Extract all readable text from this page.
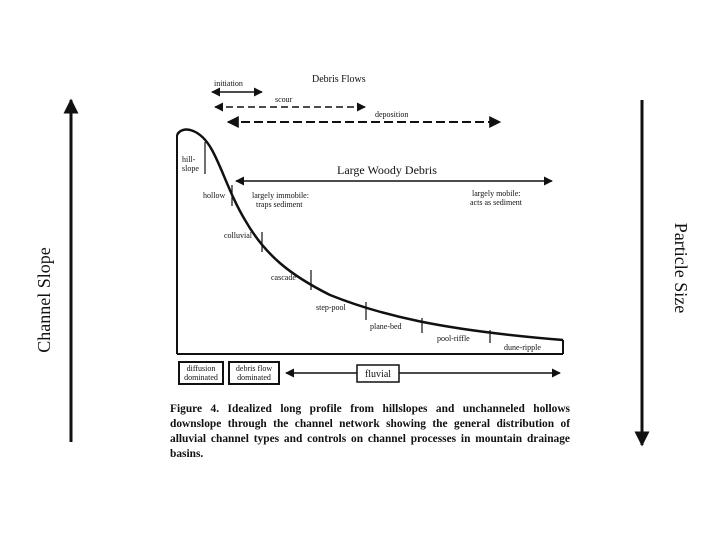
Channel Slope	Particle Size
Debris Flows
initiation
scour
deposition
Large Woody Debris
largely immobile:
traps sediment
largely mobile:
acts as sediment
hill-
slope
hollow
colluvial
cascade
step-pool
plane-bed
pool-riffle
dune-ripple
diffusion
dominated
debris flow
dominated	fluvial

Figure 4. Idealized long profile from hillslopes and unchanneled hollows downslope through the channel network showing the general distribution of alluvial channel types and controls on channel processes in mountain drainage basins.
